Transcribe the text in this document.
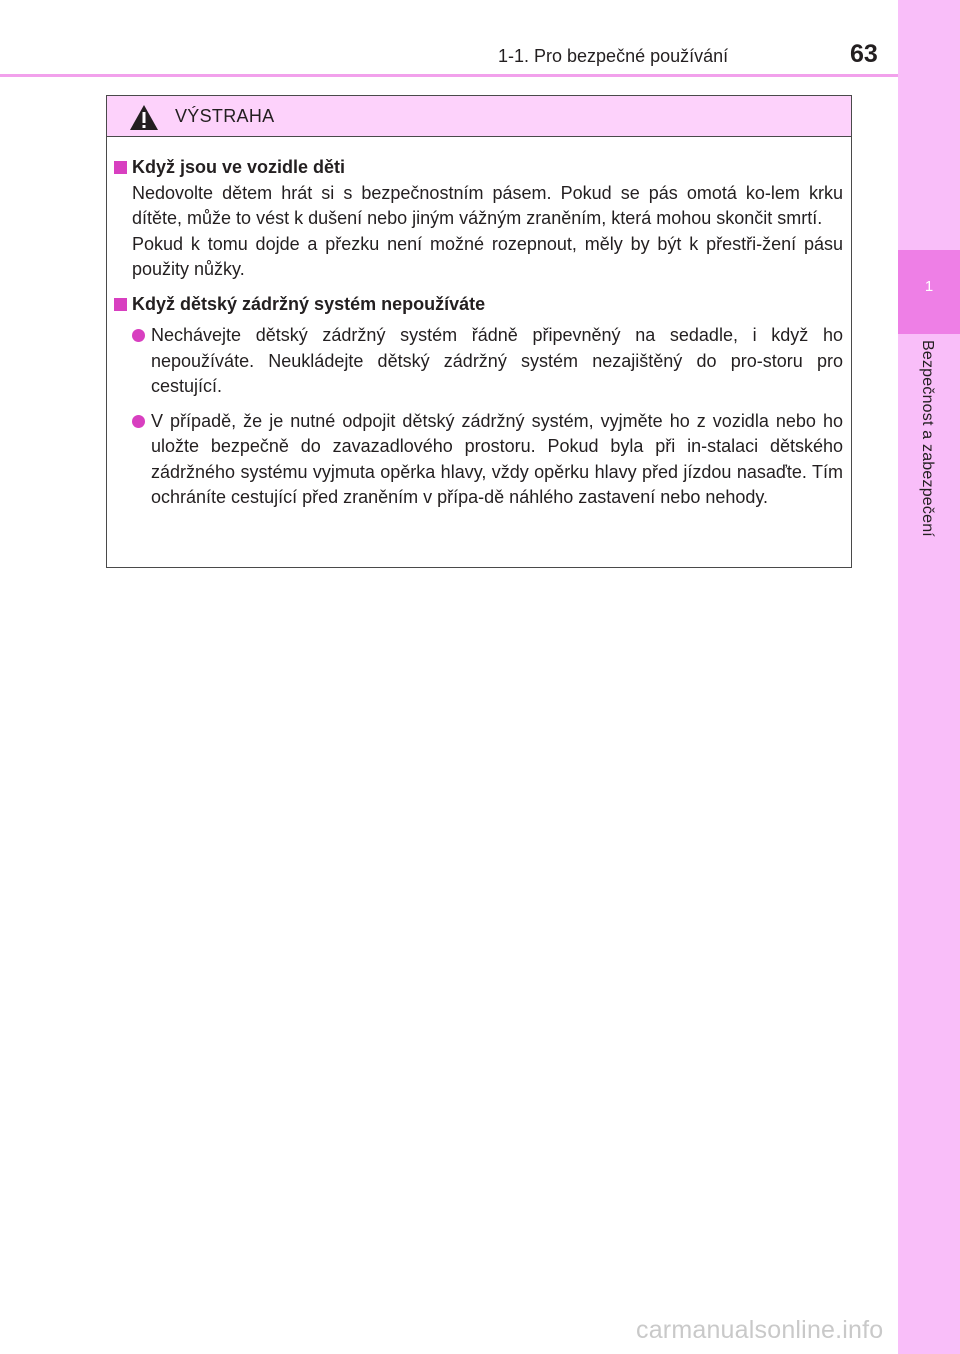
1
Bezpečnost a zabezpečení
1-1. Pro bezpečné používání	63
VÝSTRAHA
Když jsou ve vozidle děti
Nedovolte dětem hrát si s bezpečnostním pásem. Pokud se pás omotá ko-lem krku dítěte, může to vést k dušení nebo jiným vážným zraněním, která mohou skončit smrtí.
Pokud k tomu dojde a přezku není možné rozepnout, měly by být k přestři-žení pásu použity nůžky.
Když dětský zádržný systém nepoužíváte
Nechávejte dětský zádržný systém řádně připevněný na sedadle, i když ho nepoužíváte. Neukládejte dětský zádržný systém nezajištěný do pro-storu pro cestující.
V případě, že je nutné odpojit dětský zádržný systém, vyjměte ho z vozidla nebo ho uložte bezpečně do zavazadlového prostoru. Pokud byla při in-stalaci dětského zádržného systému vyjmuta opěrka hlavy, vždy opěrku hlavy před jízdou nasaďte. Tím ochráníte cestující před zraněním v přípa-dě náhlého zastavení nebo nehody.
carmanualsonline.info
